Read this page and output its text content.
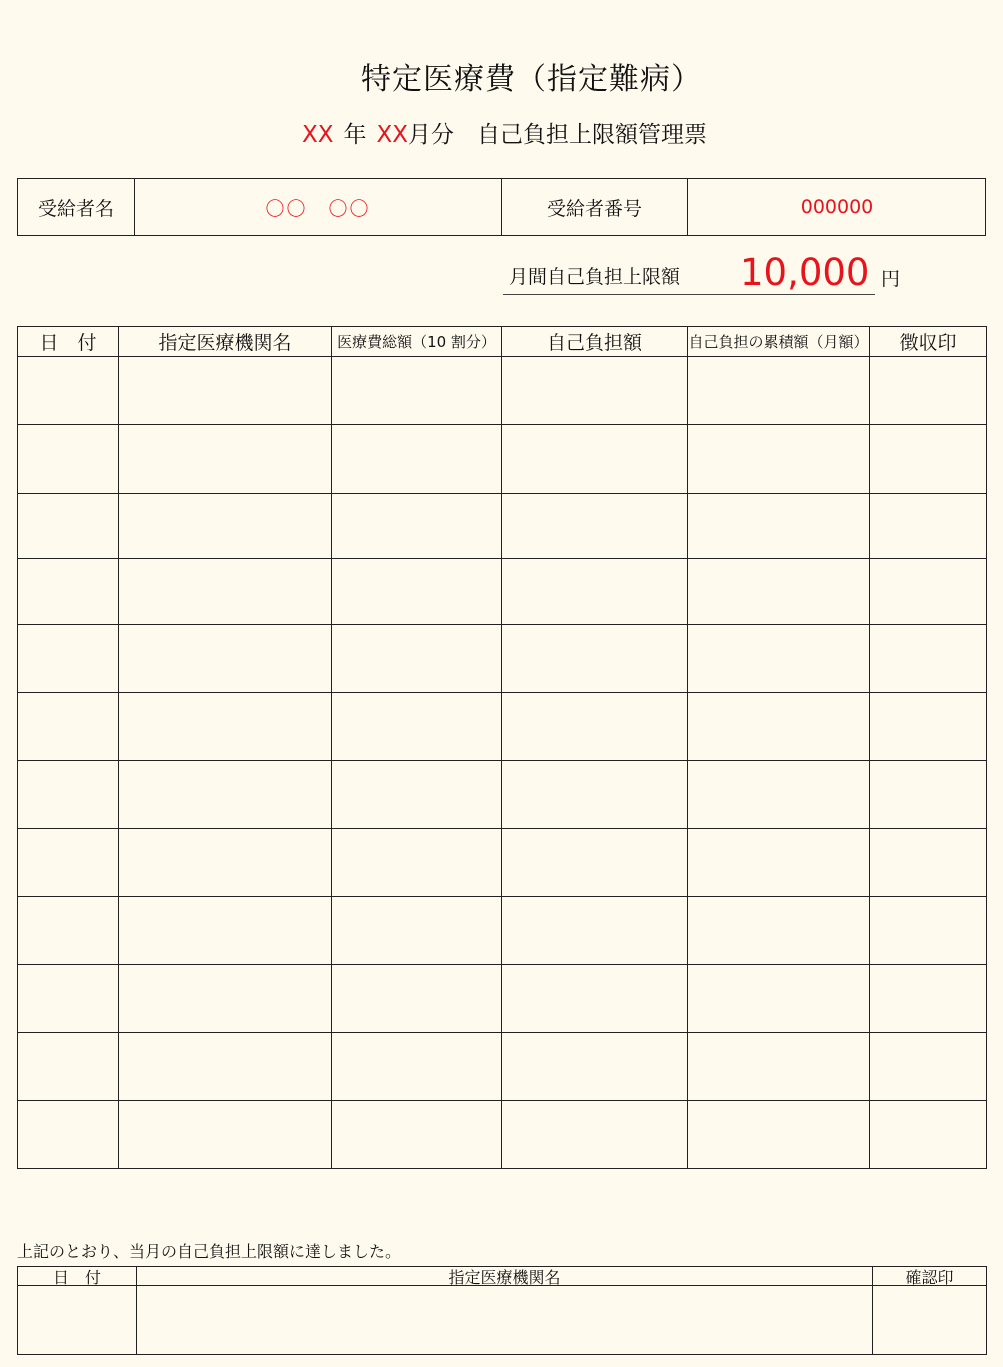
特定医療費（指定難病）
XX 年 XX月分　自己負担上限額管理票
受給者名	〇〇　〇〇	受給者番号	000000
月間自己負担上限額 10,000 円
日　付	指定医療機関名	医療費総額（10 割分）	自己負担額	自己負担の累積額（月額）	徴収印
上記のとおり、当月の自己負担上限額に達しました。
日　付	指定医療機関名	確認印
